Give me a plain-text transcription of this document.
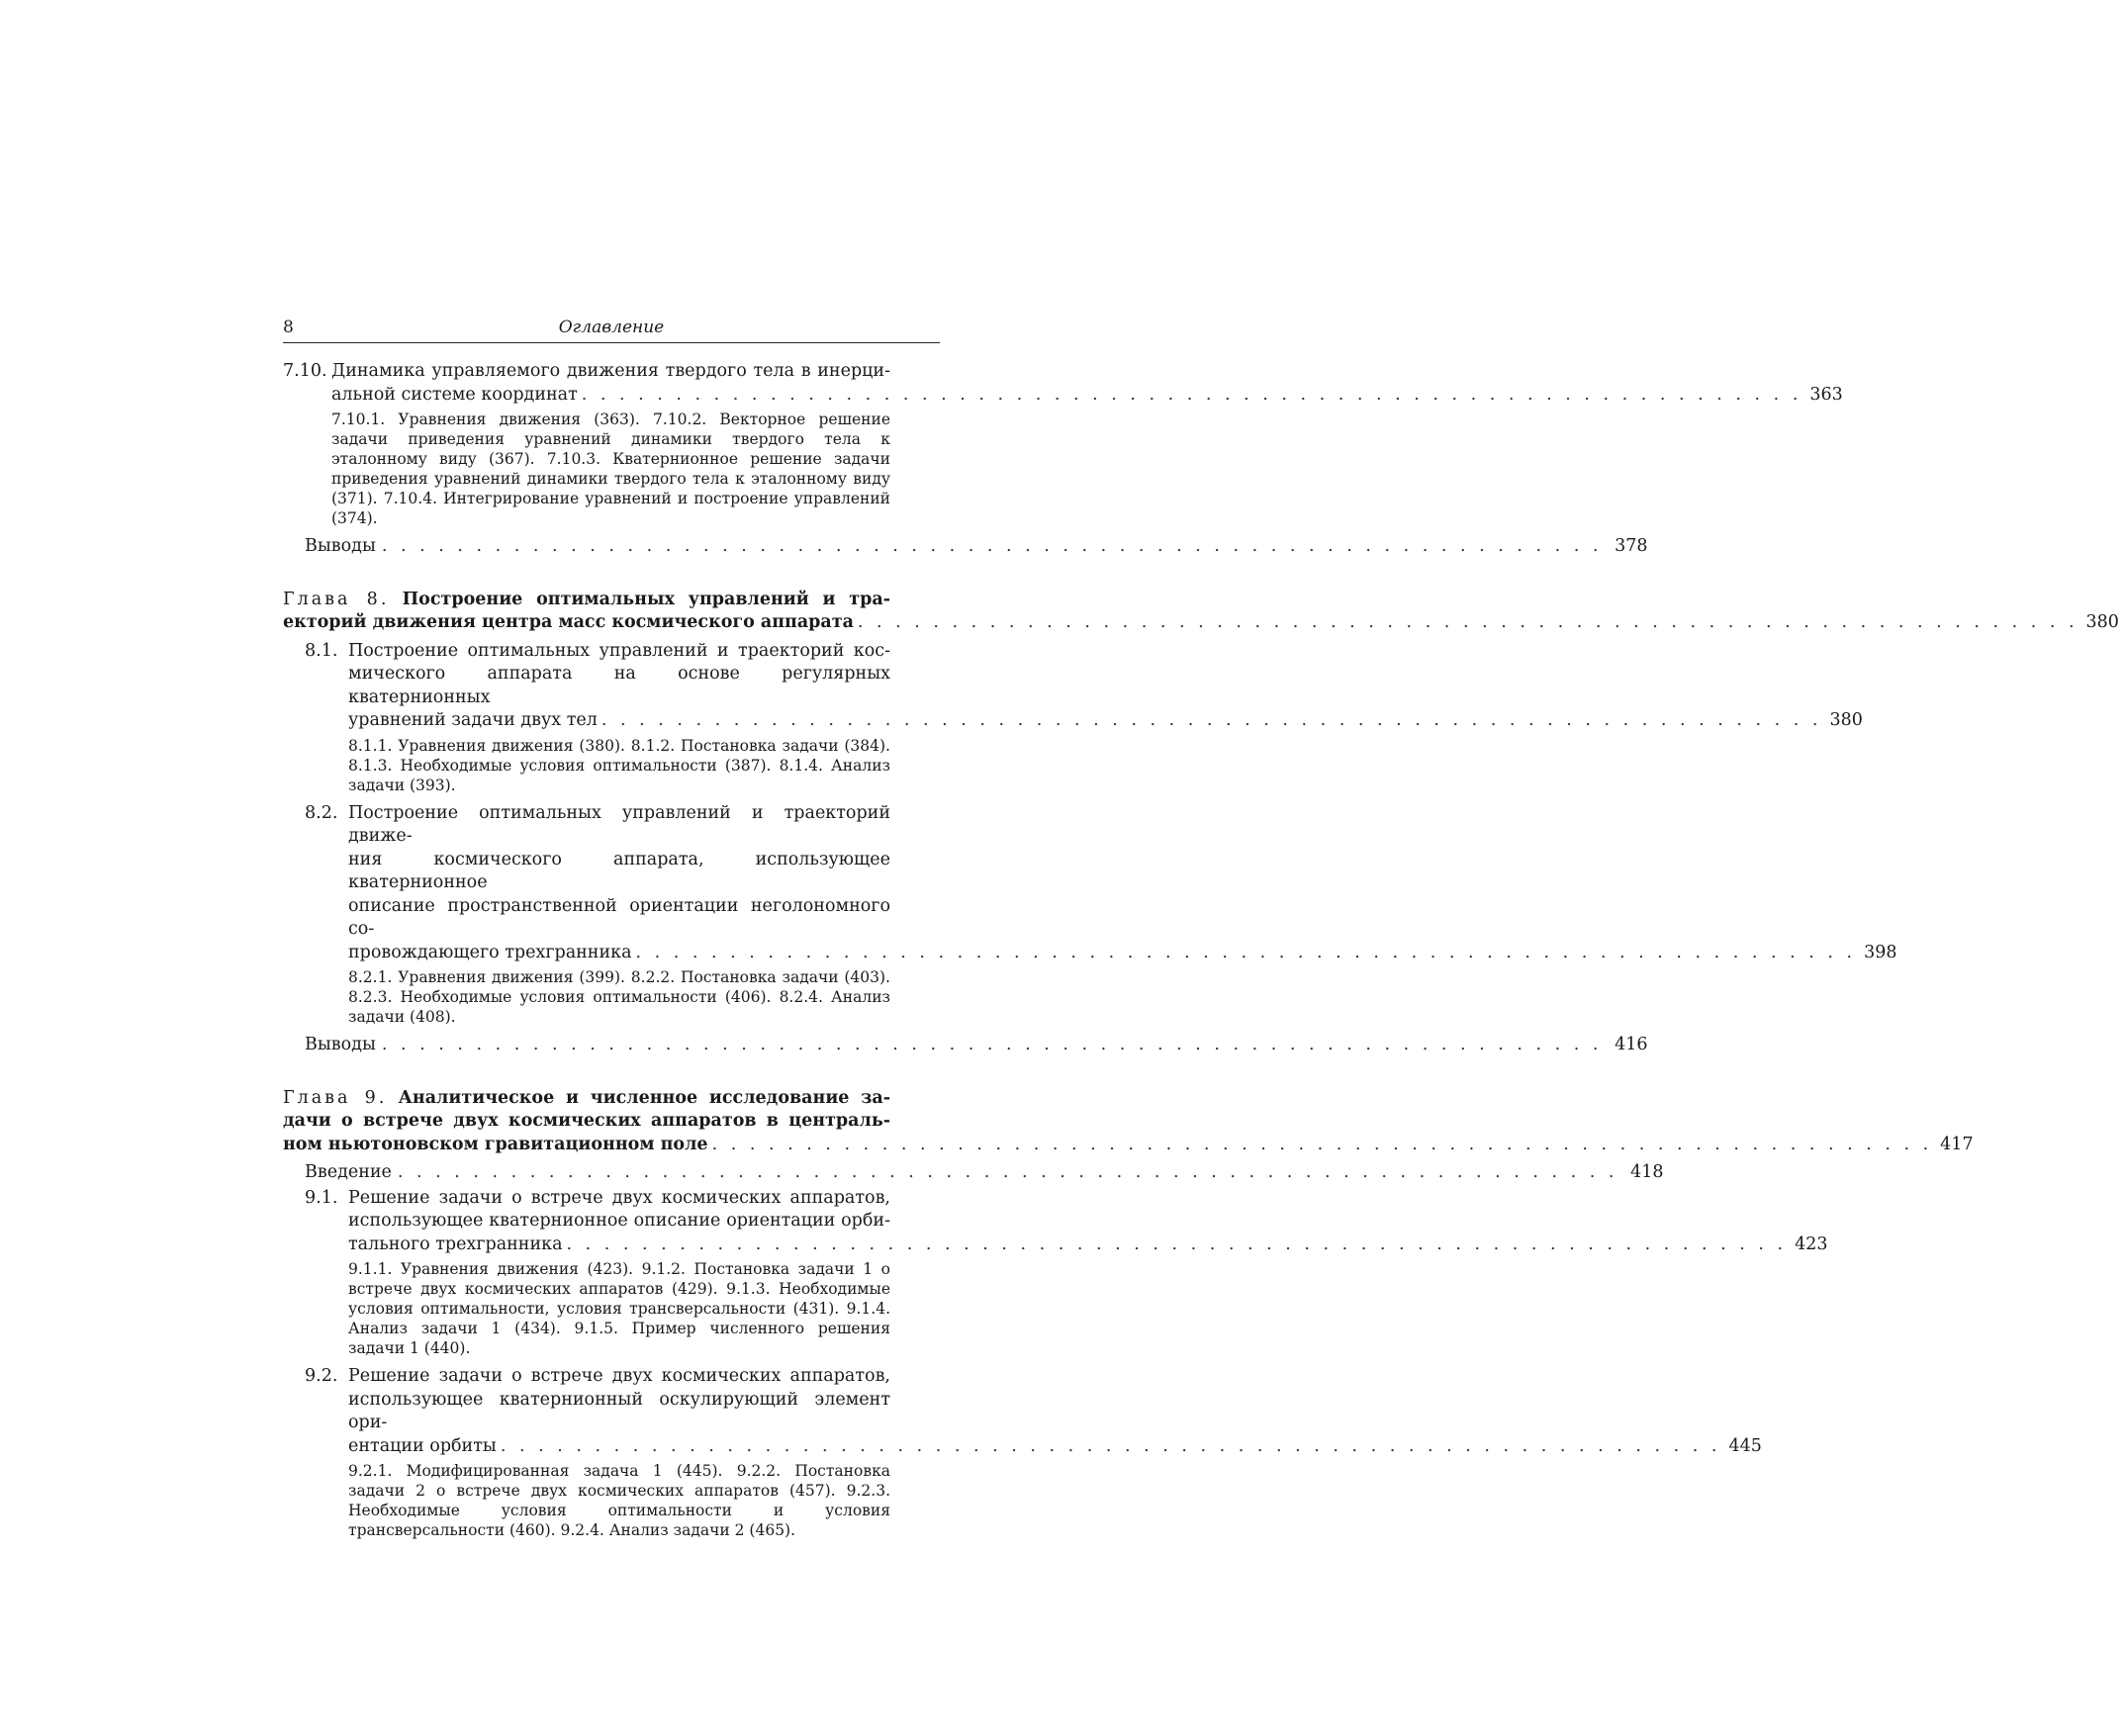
8	Оглавление
7.10. Динамика управляемого движения твердого тела в инерци-
альной системе координат . . . . . . . . . . . . . . . . . . . . . . . . . . . . . . . . . . . . . . . . . . . . . . . . . . . . . . . . . . . . . . . . . 363
7.10.1. Уравнения движения (363). 7.10.2. Векторное решение задачи приведения уравнений динамики твердого тела к эталонному виду (367). 7.10.3. Кватернионное решение задачи приведения уравнений динамики твердого тела к эталонному виду (371). 7.10.4. Интегрирование уравнений и построение управлений (374).
Выводы . . . . . . . . . . . . . . . . . . . . . . . . . . . . . . . . . . . . . . . . . . . . . . . . . . . . . . . . . . . . . . . . . 378
Глава 8. Построение оптимальных управлений и тра-
екторий движения центра масс космического аппарата . . . . . . . . . . . . . . . . . . . . . . . . . . . . . . . . . . . . . . . . . . . . . . . . . . . . . . . . . . . . . . . . . 380
8.1. Построение оптимальных управлений и траекторий кос-
мического аппарата на основе регулярных кватернионных
уравнений задачи двух тел . . . . . . . . . . . . . . . . . . . . . . . . . . . . . . . . . . . . . . . . . . . . . . . . . . . . . . . . . . . . . . . . . 380
8.1.1. Уравнения движения (380). 8.1.2. Постановка задачи (384). 8.1.3. Необходимые условия оптимальности (387). 8.1.4. Анализ задачи (393).
8.2. Построение оптимальных управлений и траекторий движе-
ния космического аппарата, использующее кватернионное
описание пространственной ориентации неголономного со-
провождающего трехгранника . . . . . . . . . . . . . . . . . . . . . . . . . . . . . . . . . . . . . . . . . . . . . . . . . . . . . . . . . . . . . . . . . 398
8.2.1. Уравнения движения (399). 8.2.2. Постановка задачи (403). 8.2.3. Необходимые условия оптимальности (406). 8.2.4. Анализ задачи (408).
Выводы . . . . . . . . . . . . . . . . . . . . . . . . . . . . . . . . . . . . . . . . . . . . . . . . . . . . . . . . . . . . . . . . . 416
Глава 9. Аналитическое и численное исследование за-
дачи о встрече двух космических аппаратов в централь-
ном ньютоновском гравитационном поле . . . . . . . . . . . . . . . . . . . . . . . . . . . . . . . . . . . . . . . . . . . . . . . . . . . . . . . . . . . . . . . . . 417
Введение . . . . . . . . . . . . . . . . . . . . . . . . . . . . . . . . . . . . . . . . . . . . . . . . . . . . . . . . . . . . . . . . . 418
9.1. Решение задачи о встрече двух космических аппаратов,
использующее кватернионное описание ориентации орби-
тального трехгранника . . . . . . . . . . . . . . . . . . . . . . . . . . . . . . . . . . . . . . . . . . . . . . . . . . . . . . . . . . . . . . . . . 423
9.1.1. Уравнения движения (423). 9.1.2. Постановка задачи 1 о встрече двух космических аппаратов (429). 9.1.3. Необходимые условия оптимальности, условия трансверсальности (431). 9.1.4. Анализ задачи 1 (434). 9.1.5. Пример численного решения задачи 1 (440).
9.2. Решение задачи о встрече двух космических аппаратов,
использующее кватернионный оскулирующий элемент ори-
ентации орбиты . . . . . . . . . . . . . . . . . . . . . . . . . . . . . . . . . . . . . . . . . . . . . . . . . . . . . . . . . . . . . . . . . 445
9.2.1. Модифицированная задача 1 (445). 9.2.2. Постановка задачи 2 о встрече двух космических аппаратов (457). 9.2.3. Необходимые условия оптимальности и условия трансверсальности (460). 9.2.4. Анализ задачи 2 (465).
